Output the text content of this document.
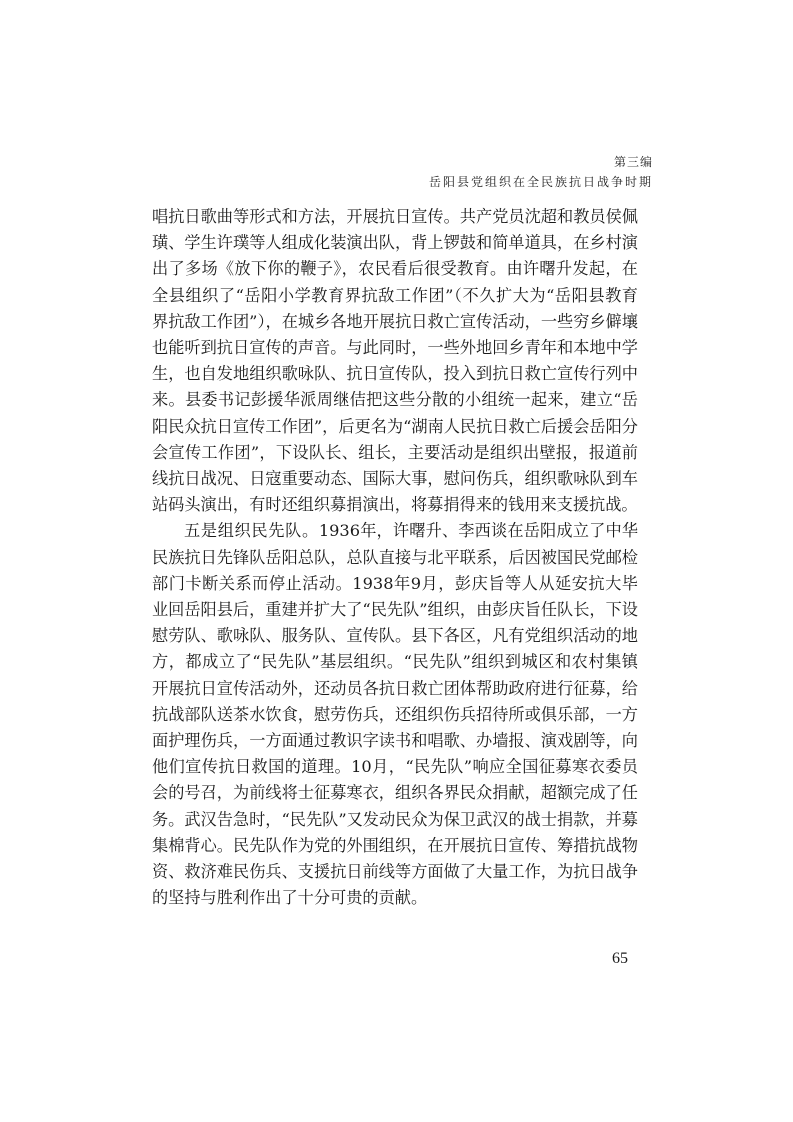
第三编
岳阳县党组织在全民族抗日战争时期

唱抗日歌曲等形式和方法，开展抗日宣传。共产党员沈超和教员侯佩璜、学生许璞等人组成化装演出队，背上锣鼓和简单道具，在乡村演出了多场《放下你的鞭子》，农民看后很受教育。由许曙升发起，在全县组织了“岳阳小学教育界抗敌工作团”（不久扩大为“岳阳县教育界抗敌工作团”），在城乡各地开展抗日救亡宣传活动，一些穷乡僻壤也能听到抗日宣传的声音。与此同时，一些外地回乡青年和本地中学生，也自发地组织歌咏队、抗日宣传队，投入到抗日救亡宣传行列中来。县委书记彭援华派周继佶把这些分散的小组统一起来，建立“岳阳民众抗日宣传工作团”，后更名为“湖南人民抗日救亡后援会岳阳分会宣传工作团”，下设队长、组长，主要活动是组织出壁报，报道前线抗日战况、日寇重要动态、国际大事，慰问伤兵，组织歌咏队到车站码头演出，有时还组织募捐演出，将募捐得来的钱用来支援抗战。

五是组织民先队。1936年，许曙升、李西谈在岳阳成立了中华民族抗日先锋队岳阳总队，总队直接与北平联系，后因被国民党邮检部门卡断关系而停止活动。1938年9月，彭庆旨等人从延安抗大毕业回岳阳县后，重建并扩大了“民先队”组织，由彭庆旨任队长，下设慰劳队、歌咏队、服务队、宣传队。县下各区，凡有党组织活动的地方，都成立了“民先队”基层组织。“民先队”组织到城区和农村集镇开展抗日宣传活动外，还动员各抗日救亡团体帮助政府进行征募，给抗战部队送茶水饮食，慰劳伤兵，还组织伤兵招待所或俱乐部，一方面护理伤兵，一方面通过教识字读书和唱歌、办墙报、演戏剧等，向他们宣传抗日救国的道理。10月，“民先队”响应全国征募寒衣委员会的号召，为前线将士征募寒衣，组织各界民众捐献，超额完成了任务。武汉告急时，“民先队”又发动民众为保卫武汉的战士捐款，并募集棉背心。民先队作为党的外围组织，在开展抗日宣传、筹措抗战物资、救济难民伤兵、支援抗日前线等方面做了大量工作，为抗日战争的坚持与胜利作出了十分可贵的贡献。

65
